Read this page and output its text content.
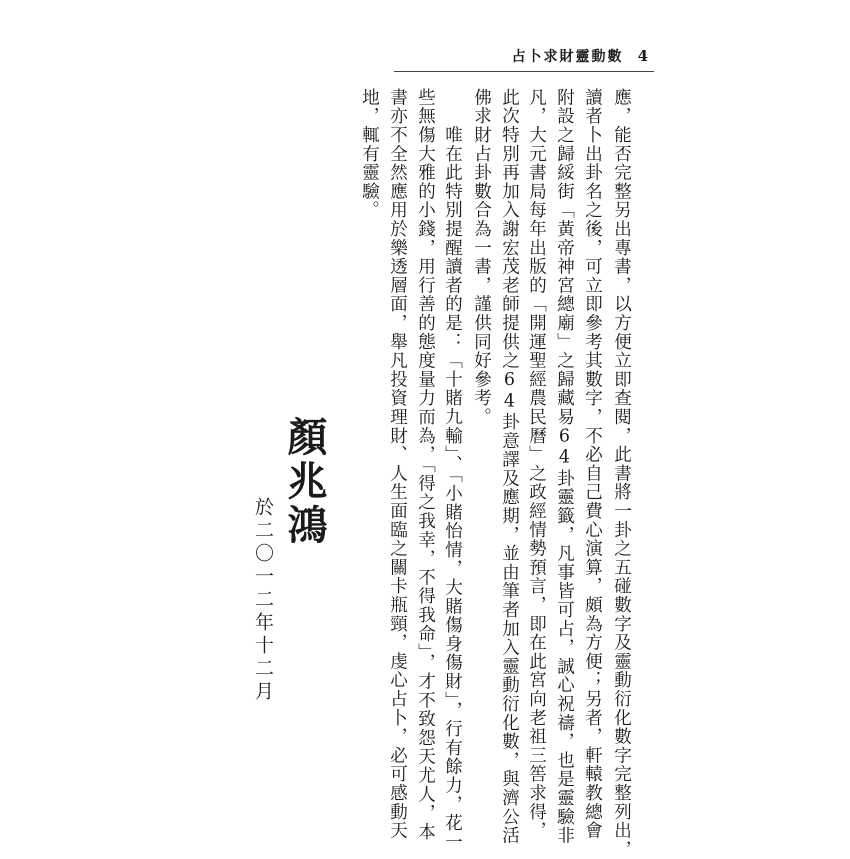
占卜求財靈動數 4
應，能否完整另出專書，以方便立即查閱，此書將一卦之五碰數字及靈動衍化數字完整列出，
讀者卜出卦名之後，可立即參考其數字，不必自己費心演算，頗為方便；另者，軒轅教總會
附設之歸綏街「黃帝神宮總廟」之歸藏易64卦靈籤，凡事皆可占，誠心祝禱，也是靈驗非
凡，大元書局每年出版的「開運聖經農民曆」之政經情勢預言，即在此宮向老祖三筶求得，
此次特別再加入謝宏茂老師提供之64卦意譯及應期，並由筆者加入靈動衍化數，與濟公活
佛求財占卦數合為一書，謹供同好參考。
　　唯在此特別提醒讀者的是：「十賭九輸」、「小賭怡情，大賭傷身傷財」，行有餘力，花一
些無傷大雅的小錢，用行善的態度量力而為，「得之我幸，不得我命」，才不致怨天尤人，本
書亦不全然應用於樂透層面，舉凡投資理財、人生面臨之關卡瓶頸，虔心占卜，必可感動天
地，輒有靈驗。
顏兆鴻
於二〇一二年十二月
